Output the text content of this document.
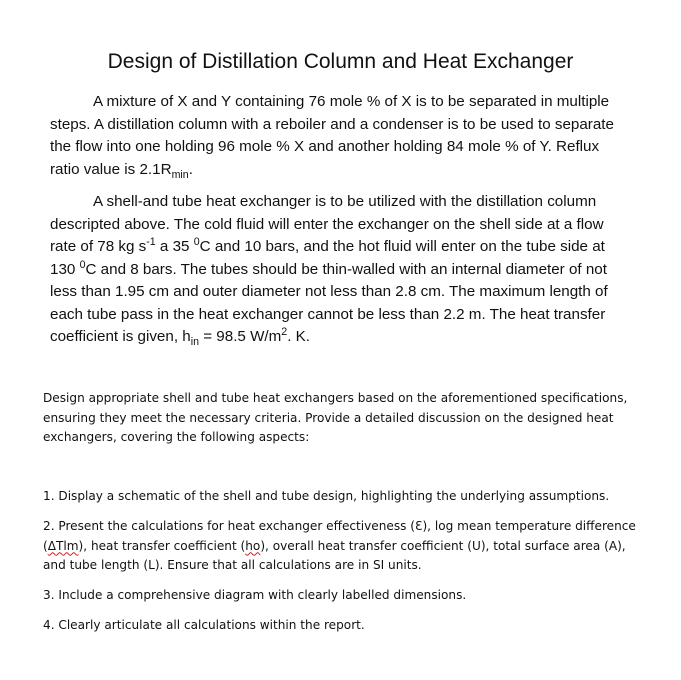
Design of Distillation Column and Heat Exchanger

A mixture of X and Y containing 76 mole % of X is to be separated in multiple steps. A distillation column with a reboiler and a condenser is to be used to separate the flow into one holding 96 mole % X and another holding 84 mole % of Y. Reflux ratio value is $2.1R_{min}$.

A shell-and tube heat exchanger is to be utilized with the distillation column descripted above. The cold fluid will enter the exchanger on the shell side at a flow rate of 78 kg $s^{-1}$ a 35 $^0$C and 10 bars, and the hot fluid will enter on the tube side at 130 $^0$C and 8 bars. The tubes should be thin-walled with an internal diameter of not less than 1.95 cm and outer diameter not less than 2.8 cm. The maximum length of each tube pass in the heat exchanger cannot be less than 2.2 m. The heat transfer coefficient is given, $h_{in} = 98.5$ $W/m^2$. K.

Design appropriate shell and tube heat exchangers based on the aforementioned specifications, ensuring they meet the necessary criteria. Provide a detailed discussion on the designed heat exchangers, covering the following aspects:

1. Display a schematic of the shell and tube design, highlighting the underlying assumptions.

2. Present the calculations for heat exchanger effectiveness (Ɛ), log mean temperature difference (ΔTlm), heat transfer coefficient (ho), overall heat transfer coefficient (U), total surface area (A), and tube length (L). Ensure that all calculations are in SI units.

3. Include a comprehensive diagram with clearly labelled dimensions.

4. Clearly articulate all calculations within the report.
